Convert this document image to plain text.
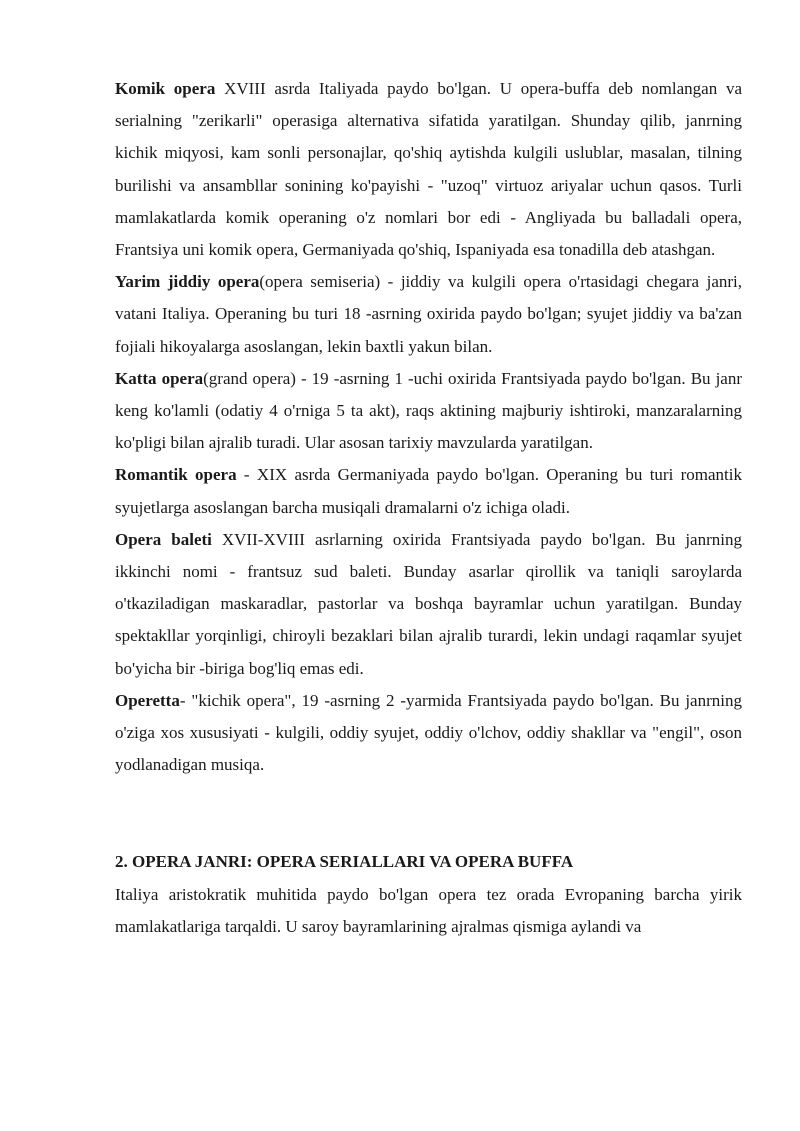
Komik opera XVIII asrda Italiyada paydo bo'lgan. U opera-buffa deb nomlangan va serialning "zerikarli" operasiga alternativa sifatida yaratilgan. Shunday qilib, janrning kichik miqyosi, kam sonli personajlar, qo'shiq aytishda kulgili uslublar, masalan, tilning burilishi va ansambllar sonining ko'payishi - "uzoq" virtuoz ariyalar uchun qasos. Turli mamlakatlarda komik operaning o'z nomlari bor edi - Angliyada bu balladali opera, Frantsiya uni komik opera, Germaniyada qo'shiq, Ispaniyada esa tonadilla deb atashgan.

Yarim jiddiy opera(opera semiseria) - jiddiy va kulgili opera o'rtasidagi chegara janri, vatani Italiya. Operaning bu turi 18 -asrning oxirida paydo bo'lgan; syujet jiddiy va ba'zan fojiali hikoyalarga asoslangan, lekin baxtli yakun bilan.

Katta opera(grand opera) - 19 -asrning 1 -uchi oxirida Frantsiyada paydo bo'lgan. Bu janr keng ko'lamli (odatiy 4 o'rniga 5 ta akt), raqs aktining majburiy ishtiroki, manzaralarning ko'pligi bilan ajralib turadi. Ular asosan tarixiy mavzularda yaratilgan.

Romantik opera - XIX asrda Germaniyada paydo bo'lgan. Operaning bu turi romantik syujetlarga asoslangan barcha musiqali dramalarni o'z ichiga oladi.

Opera baleti XVII-XVIII asrlarning oxirida Frantsiyada paydo bo'lgan. Bu janrning ikkinchi nomi - frantsuz sud baleti. Bunday asarlar qirollik va taniqli saroylarda o'tkaziladigan maskaradlar, pastorlar va boshqa bayramlar uchun yaratilgan. Bunday spektakllar yorqinligi, chiroyli bezaklari bilan ajralib turardi, lekin undagi raqamlar syujet bo'yicha bir -biriga bog'liq emas edi.

Operetta- "kichik opera", 19 -asrning 2 -yarmida Frantsiyada paydo bo'lgan. Bu janrning o'ziga xos xususiyati - kulgili, oddiy syujet, oddiy o'lchov, oddiy shakllar va "engil", oson yodlanadigan musiqa.

2. OPERA JANRI: OPERA SERIALLARI VA OPERA BUFFA

Italiya aristokratik muhitida paydo bo'lgan opera tez orada Evropaning barcha yirik mamlakatlariga tarqaldi. U saroy bayramlarining ajralmas qismiga aylandi va
